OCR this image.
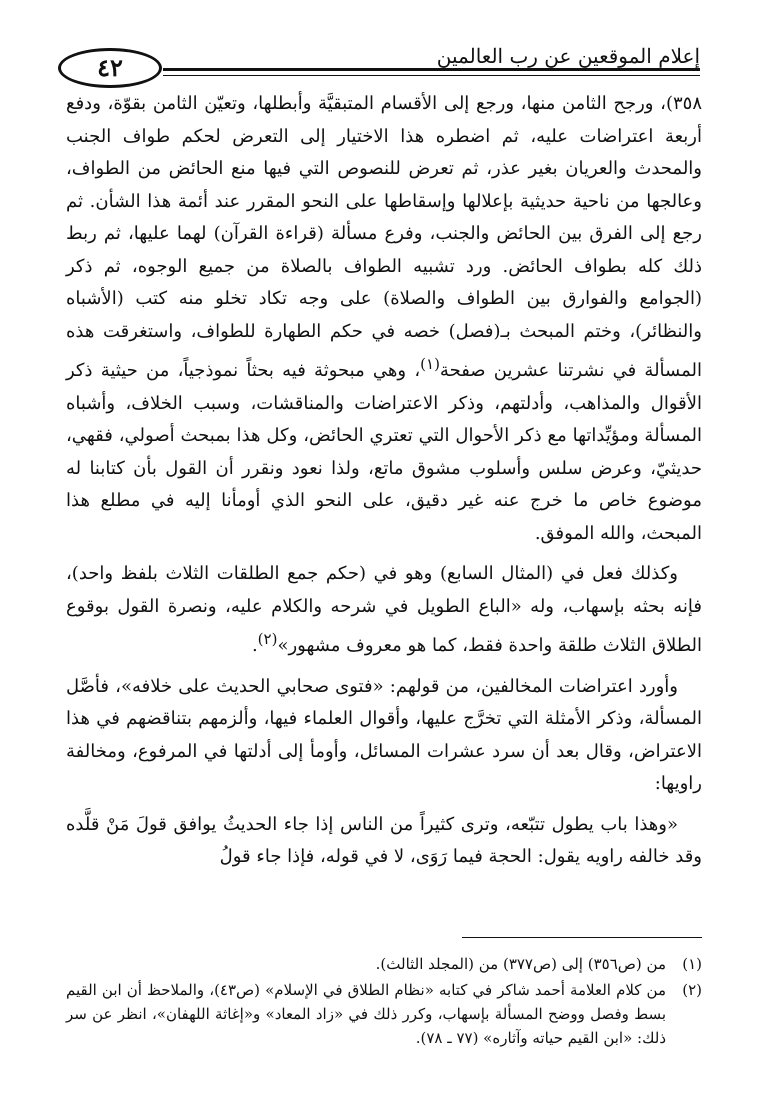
٤٢	إعلام الموقعين عن رب العالمين

٣٥٨)، ورجح الثامن منها، ورجع إلى الأقسام المتبقيَّة وأبطلها، وتعيّن الثامن بقوّة، ودفع أربعة اعتراضات عليه، ثم اضطره هذا الاختيار إلى التعرض لحكم طواف الجنب والمحدث والعريان بغير عذر، ثم تعرض للنصوص التي فيها منع الحائض من الطواف، وعالجها من ناحية حديثية بإعلالها وإسقاطها على النحو المقرر عند أئمة هذا الشأن. ثم رجع إلى الفرق بين الحائض والجنب، وفرع مسألة (قراءة القرآن) لهما عليها، ثم ربط ذلك كله بطواف الحائض. ورد تشبيه الطواف بالصلاة من جميع الوجوه، ثم ذكر (الجوامع والفوارق بين الطواف والصلاة) على وجه تكاد تخلو منه كتب (الأشباه والنظائر)، وختم المبحث بـ(فصل) خصه في حكم الطهارة للطواف، واستغرقت هذه المسألة في نشرتنا عشرين صفحة$^{(١)}$، وهي مبحوثة فيه بحثاً نموذجياً، من حيثية ذكر الأقوال والمذاهب، وأدلتهم، وذكر الاعتراضات والمناقشات، وسبب الخلاف، وأشباه المسألة ومؤيِّداتها مع ذكر الأحوال التي تعتري الحائض، وكل هذا بمبحث أصولي، فقهي، حديثيّ، وعرض سلس وأسلوب مشوق ماتع، ولذا نعود ونقرر أن القول بأن كتابنا له موضوع خاص ما خرج عنه غير دقيق، على النحو الذي أومأنا إليه في مطلع هذا المبحث، والله الموفق.

وكذلك فعل في (المثال السابع) وهو في (حكم جمع الطلقات الثلاث بلفظ واحد)، فإنه بحثه بإسهاب، وله «الباع الطويل في شرحه والكلام عليه، ونصرة القول بوقوع الطلاق الثلاث طلقة واحدة فقط، كما هو معروف مشهور»$^{(٢)}$.

وأورد اعتراضات المخالفين، من قولهم: «فتوى صحابي الحديث على خلافه»، فأصَّل المسألة، وذكر الأمثلة التي تخرَّج عليها، وأقوال العلماء فيها، وألزمهم بتناقضهم في هذا الاعتراض، وقال بعد أن سرد عشرات المسائل، وأومأ إلى أدلتها في المرفوع، ومخالفة راويها:

«وهذا باب يطول تتبّعه، وترى كثيراً من الناس إذا جاء الحديثُ يوافق قولَ مَنْ قلَّده وقد خالفه راويه يقول: الحجة فيما رَوَى، لا في قوله، فإذا جاء قولُ

(١)
من (ص٣٥٦) إلى (ص٣٧٧) من (المجلد الثالث).
(٢)
من كلام العلامة أحمد شاكر في كتابه «نظام الطلاق في الإسلام» (ص٤٣)، والملاحظ أن ابن القيم بسط وفصل ووضح المسألة بإسهاب، وكرر ذلك في «زاد المعاد» و«إغاثة اللهفان»، انظر عن سر ذلك: «ابن القيم حياته وآثاره» (٧٧ ـ ٧٨).
